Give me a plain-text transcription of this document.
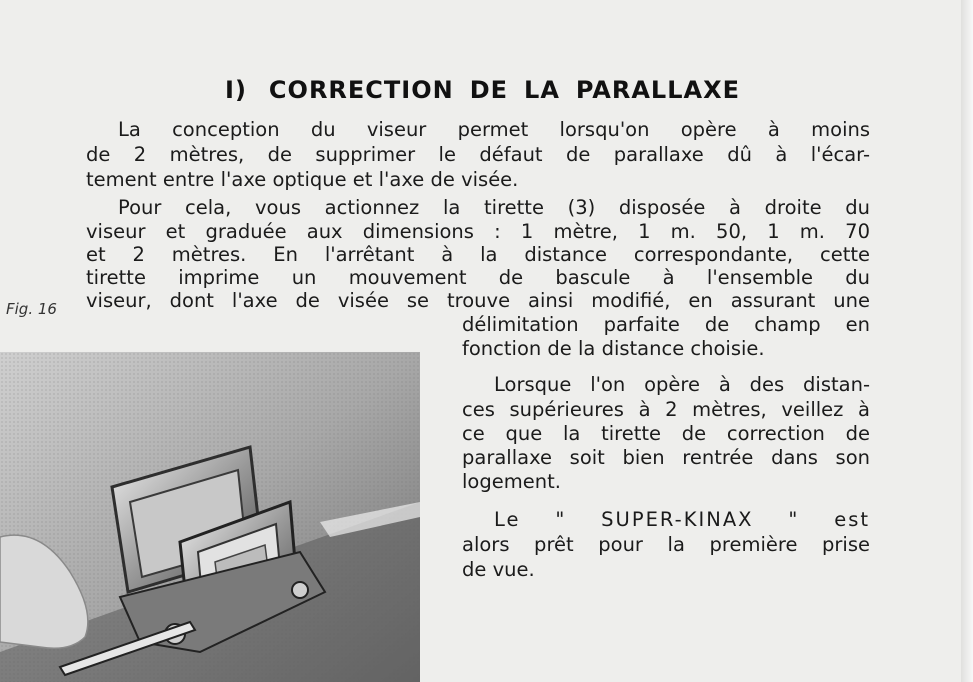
I) CORRECTION DE LA PARALLAXE
La conception du viseur permet lorsqu'on opère à moins
de 2 mètres, de supprimer le défaut de parallaxe dû à l'écar-
tement entre l'axe optique et l'axe de visée.
Pour cela, vous actionnez la tirette (3) disposée à droite du
viseur et graduée aux dimensions : 1 mètre, 1 m. 50, 1 m. 70
et 2 mètres. En l'arrêtant à la distance correspondante, cette
tirette imprime un mouvement de bascule à l'ensemble du
viseur, dont l'axe de visée se trouve ainsi modifié, en assurant une
délimitation parfaite de champ en
fonction de la distance choisie.
Lorsque l'on opère à des distan-
ces supérieures à 2 mètres, veillez à
ce que la tirette de correction de
parallaxe soit bien rentrée dans son
logement.
Le " SUPER-KINAX " est
alors prêt pour la première prise
de vue.
Fig. 16
